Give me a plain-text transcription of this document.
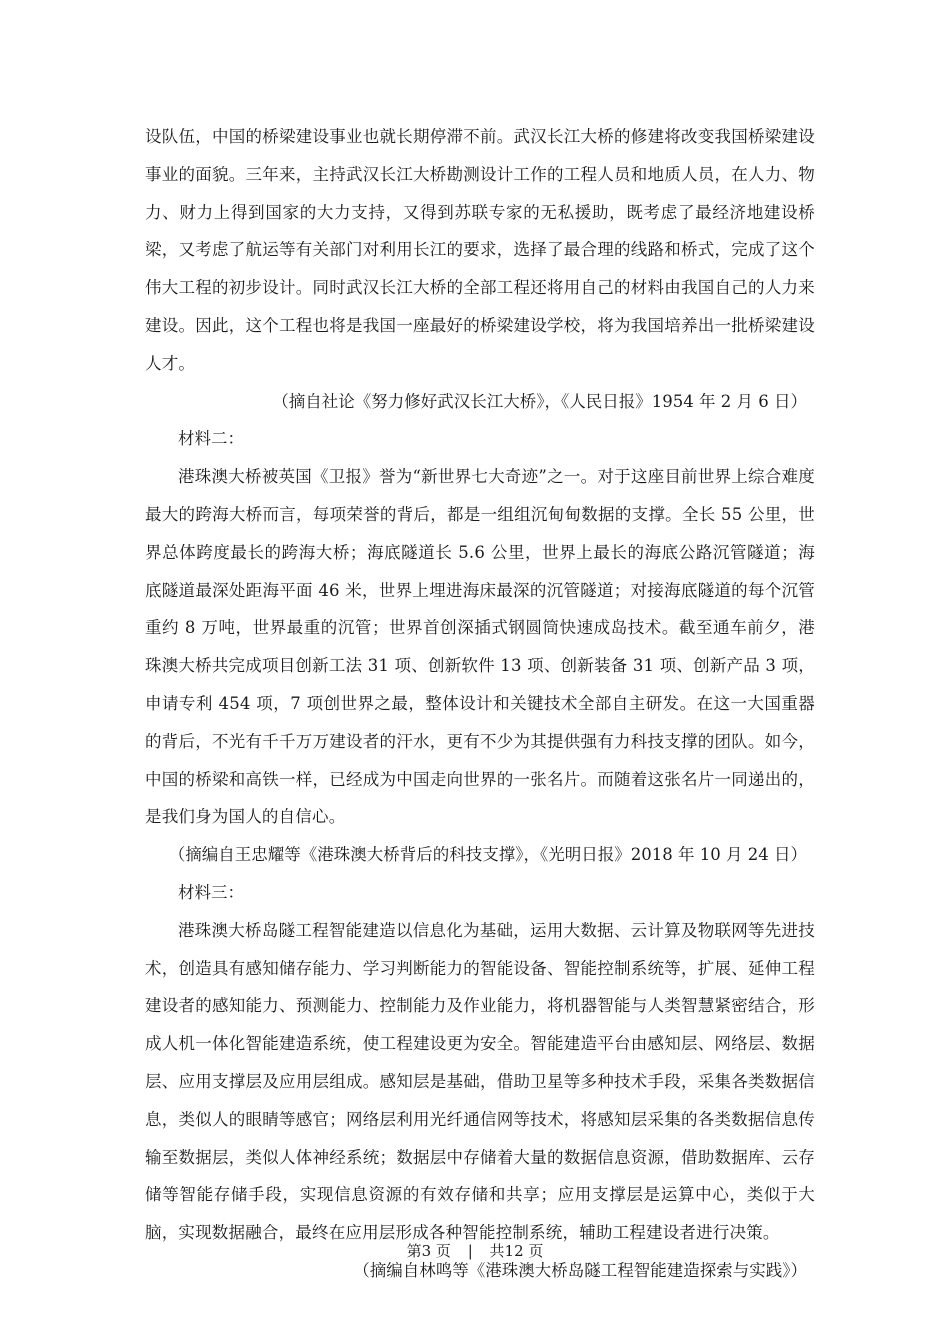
设队伍，中国的桥梁建设事业也就长期停滞不前。武汉长江大桥的修建将改变我国桥梁建设事业的面貌。三年来，主持武汉长江大桥勘测设计工作的工程人员和地质人员，在人力、物力、财力上得到国家的大力支持，又得到苏联专家的无私援助，既考虑了最经济地建设桥梁，又考虑了航运等有关部门对利用长江的要求，选择了最合理的线路和桥式，完成了这个伟大工程的初步设计。同时武汉长江大桥的全部工程还将用自己的材料由我国自己的人力来建设。因此，这个工程也将是我国一座最好的桥梁建设学校，将为我国培养出一批桥梁建设人才。

（摘自社论《努力修好武汉长江大桥》，《人民日报》1954 年 2 月 6 日）

材料二：

港珠澳大桥被英国《卫报》誉为“新世界七大奇迹”之一。对于这座目前世界上综合难度最大的跨海大桥而言，每项荣誉的背后，都是一组组沉甸甸数据的支撑。全长 55 公里，世界总体跨度最长的跨海大桥；海底隧道长 5.6 公里，世界上最长的海底公路沉管隧道；海底隧道最深处距海平面 46 米，世界上埋进海床最深的沉管隧道；对接海底隧道的每个沉管重约 8 万吨，世界最重的沉管；世界首创深插式钢圆筒快速成岛技术。截至通车前夕，港珠澳大桥共完成项目创新工法 31 项、创新软件 13 项、创新装备 31 项、创新产品 3 项，申请专利 454 项，7 项创世界之最，整体设计和关键技术全部自主研发。在这一大国重器的背后，不光有千千万万建设者的汗水，更有不少为其提供强有力科技支撑的团队。如今，中国的桥梁和高铁一样，已经成为中国走向世界的一张名片。而随着这张名片一同递出的，是我们身为国人的自信心。

（摘编自王忠耀等《港珠澳大桥背后的科技支撑》，《光明日报》2018 年 10 月 24 日）

材料三：

港珠澳大桥岛隧工程智能建造以信息化为基础，运用大数据、云计算及物联网等先进技术，创造具有感知储存能力、学习判断能力的智能设备、智能控制系统等，扩展、延伸工程建设者的感知能力、预测能力、控制能力及作业能力，将机器智能与人类智慧紧密结合，形成人机一体化智能建造系统，使工程建设更为安全。智能建造平台由感知层、网络层、数据层、应用支撑层及应用层组成。感知层是基础，借助卫星等多种技术手段，采集各类数据信息，类似人的眼睛等感官；网络层利用光纤通信网等技术，将感知层采集的各类数据信息传输至数据层，类似人体神经系统；数据层中存储着大量的数据信息资源，借助数据库、云存储等智能存储手段，实现信息资源的有效存储和共享；应用支撑层是运算中心，类似于大脑，实现数据融合，最终在应用层形成各种智能控制系统，辅助工程建设者进行决策。

（摘编自林鸣等《港珠澳大桥岛隧工程智能建造探索与实践》）

第3 页 | 共12 页
